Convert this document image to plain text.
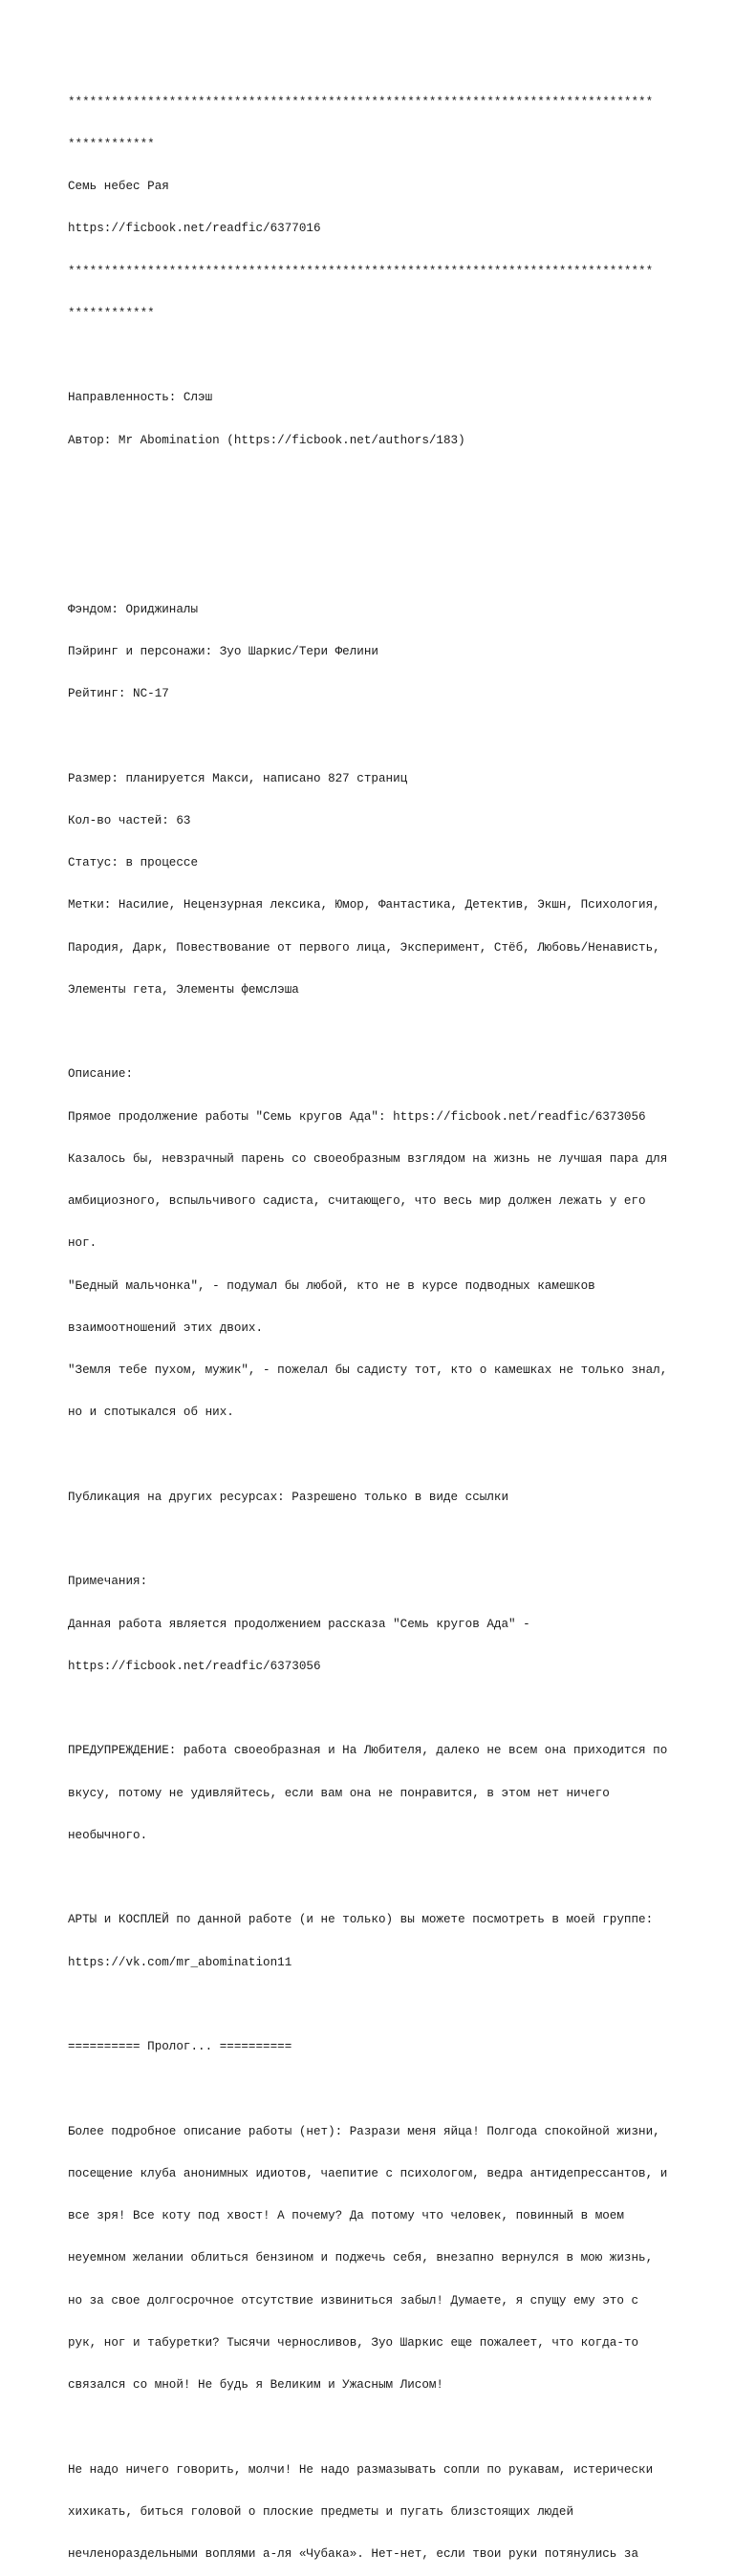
*********************************************************************************

************

Семь небес Рая

https://ficbook.net/readfic/6377016

*********************************************************************************

************

Направленность: Слэш

Автор: Mr Abomination (https://ficbook.net/authors/183)

Фэндом: Ориджиналы

Пэйринг и персонажи: Зуо Шаркис/Тери Фелини

Рейтинг: NC-17

Размер: планируется Макси, написано 827 страниц

Кол-во частей: 63

Статус: в процессе

Метки: Насилие, Нецензурная лексика, Юмор, Фантастика, Детектив, Экшн, Психология,

Пародия, Дарк, Повествование от первого лица, Эксперимент, Стёб, Любовь/Ненависть,

Элементы гета, Элементы фемслэша

Описание:

Прямое продолжение работы "Семь кругов Ада": https://ficbook.net/readfic/6373056

Казалось бы, невзрачный парень со своеобразным взглядом на жизнь не лучшая пара для

амбициозного, вспыльчивого садиста, считающего, что весь мир должен лежать у его

ног.

"Бедный мальчонка", - подумал бы любой, кто не в курсе подводных камешков

взаимоотношений этих двоих.

"Земля тебе пухом, мужик", - пожелал бы садисту тот, кто о камешках не только знал,

но и спотыкался об них.

Публикация на других ресурсах: Разрешено только в виде ссылки

Примечания:

Данная работа является продолжением рассказа "Семь кругов Ада" -

https://ficbook.net/readfic/6373056

ПРЕДУПРЕЖДЕНИЕ: работа своеобразная и На Любителя, далеко не всем она приходится по

вкусу, потому не удивляйтесь, если вам она не понравится, в этом нет ничего

необычного.

АРТЫ и КОСПЛЕЙ по данной работе (и не только) вы можете посмотреть в моей группе:

https://vk.com/mr_abomination11

========== Пролог... ==========

Более подробное описание работы (нет): Разрази меня яйца! Полгода спокойной жизни,

посещение клуба анонимных идиотов, чаепитие с психологом, ведра антидепрессантов, и

все зря! Все коту под хвост! А почему? Да потому что человек, повинный в моем

неуемном желании облиться бензином и поджечь себя, внезапно вернулся в мою жизнь,

но за свое долгосрочное отсутствие извиниться забыл! Думаете, я спущу ему это с

рук, ног и табуретки? Тысячи черносливов, Зуо Шаркис еще пожалеет, что когда-то

связался со мной! Не будь я Великим и Ужасным Лисом!

Не надо ничего говорить, молчи! Не надо размазывать сопли по рукавам, истерически

хихикать, биться головой о плоские предметы и пугать близстоящих людей

нечленораздельными воплями а-ля «Чубака». Нет-нет, если твои руки потянулись за
